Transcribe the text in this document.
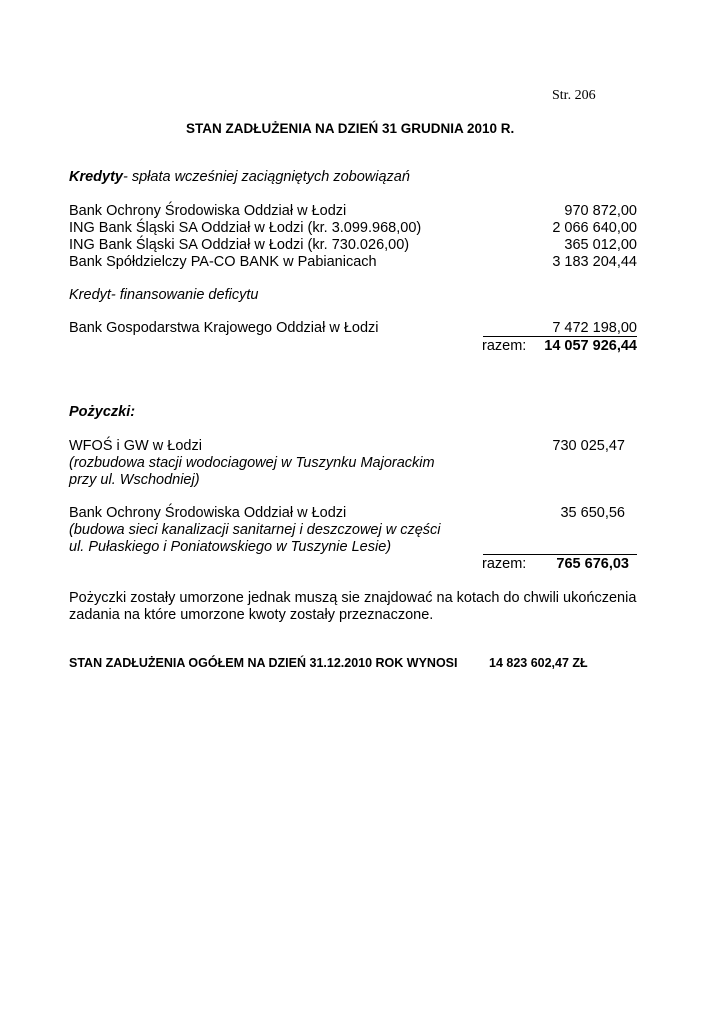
Str. 206
STAN ZADŁUŻENIA NA DZIEŃ 31 GRUDNIA 2010 R.
Kredyty- spłata wcześniej zaciągniętych zobowiązań
Bank Ochrony Środowiska Oddział w Łodzi	970 872,00
ING Bank Śląski SA Oddział w Łodzi (kr. 3.099.968,00)	2 066 640,00
ING Bank Śląski SA Oddział w Łodzi (kr. 730.026,00)	365 012,00
Bank Spółdzielczy PA-CO BANK w Pabianicach	3 183 204,44
Kredyt- finansowanie deficytu
Bank Gospodarstwa Krajowego Oddział w Łodzi	7 472 198,00
razem: 14 057 926,44
Pożyczki:
WFOŚ i GW w Łodzi	730 025,47
(rozbudowa stacji wodociagowej w Tuszynku Majorackim
przy ul. Wschodniej)
Bank Ochrony Środowiska Oddział w Łodzi	35 650,56
(budowa sieci kanalizacji sanitarnej i deszczowej w części
ul. Pułaskiego i Poniatowskiego w Tuszynie Lesie)
razem: 765 676,03
Pożyczki zostały umorzone jednak muszą sie znajdować na kotach do chwili ukończenia
zadania na które umorzone kwoty zostały przeznaczone.
STAN ZADŁUŻENIA OGÓŁEM NA DZIEŃ 31.12.2010 ROK WYNOSI	14 823 602,47 ZŁ
